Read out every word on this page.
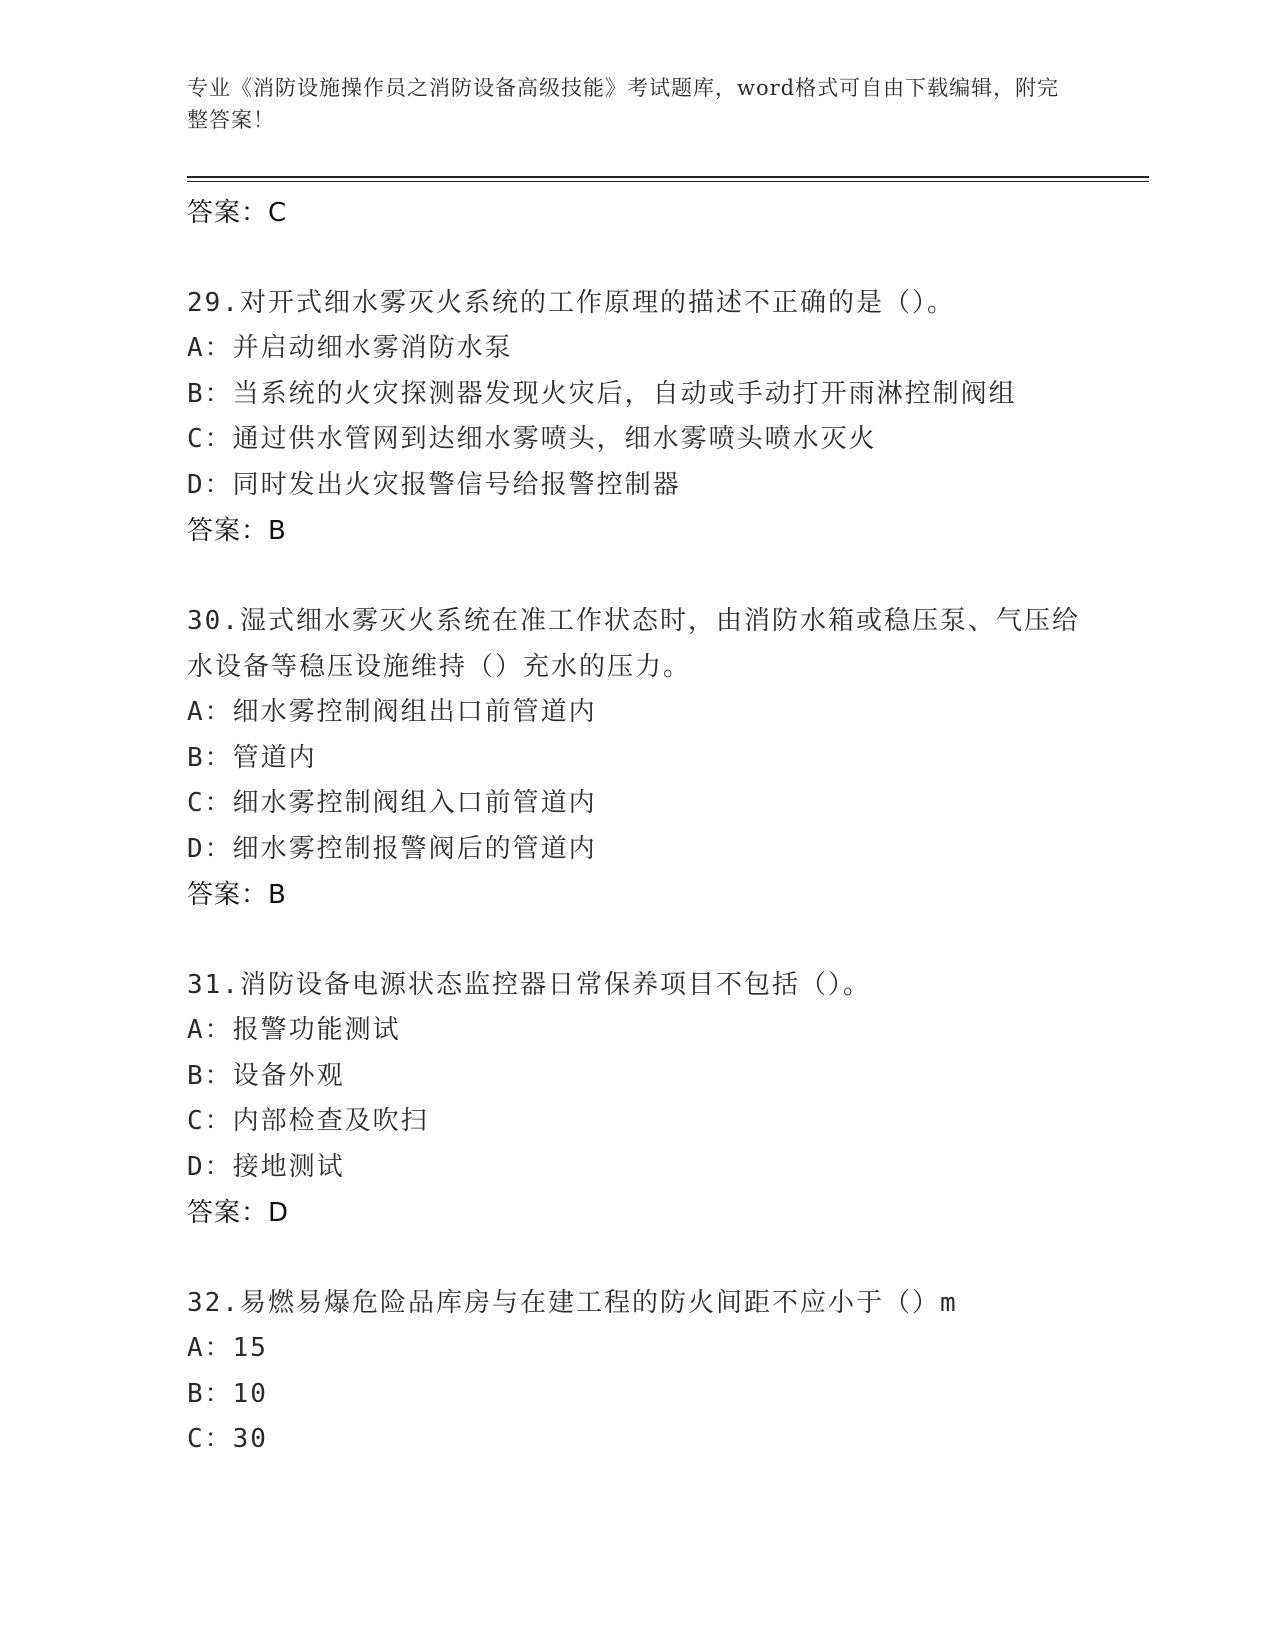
专业《消防设施操作员之消防设备高级技能》考试题库，word格式可自由下载编辑，附完整答案！
答案：C
29.对开式细水雾灭火系统的工作原理的描述不正确的是（）。
A：并启动细水雾消防水泵
B：当系统的火灾探测器发现火灾后，自动或手动打开雨淋控制阀组
C：通过供水管网到达细水雾喷头，细水雾喷头喷水灭火
D：同时发出火灾报警信号给报警控制器
答案：B
30.湿式细水雾灭火系统在准工作状态时，由消防水箱或稳压泵、气压给水设备等稳压设施维持（）充水的压力。
A：细水雾控制阀组出口前管道内
B：管道内
C：细水雾控制阀组入口前管道内
D：细水雾控制报警阀后的管道内
答案：B
31.消防设备电源状态监控器日常保养项目不包括（）。
A：报警功能测试
B：设备外观
C：内部检查及吹扫
D：接地测试
答案：D
32.易燃易爆危险品库房与在建工程的防火间距不应小于（）m
A：15
B：10
C：30
